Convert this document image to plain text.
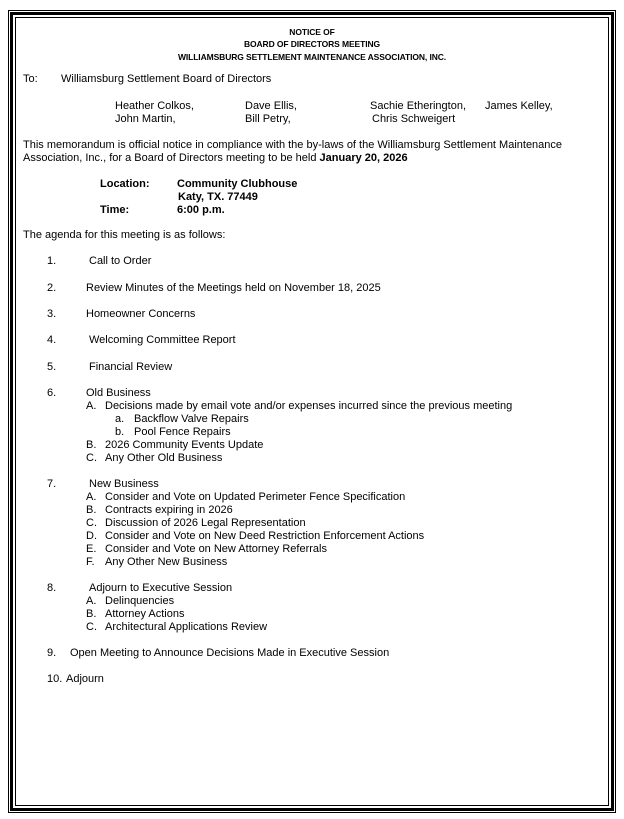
NOTICE OF
BOARD OF DIRECTORS MEETING
WILLIAMSBURG SETTLEMENT MAINTENANCE ASSOCIATION, INC.
To: Williamsburg Settlement Board of Directors
Heather Colkos,	Dave Ellis,	Sachie Etherington, James Kelley,
John Martin,	Bill Petry,	Chris Schweigert
This memorandum is official notice in compliance with the by-laws of the Williamsburg Settlement Maintenance
Association, Inc., for a Board of Directors meeting to be held January 20, 2026
Location:	Community Clubhouse
Katy, TX. 77449
Time:	6:00 p.m.
The agenda for this meeting is as follows:
1.	Call to Order
2.	Review Minutes of the Meetings held on November 18, 2025
3.	Homeowner Concerns
4.	Welcoming Committee Report
5.	Financial Review
6.	Old Business
A. Decisions made by email vote and/or expenses incurred since the previous meeting
a. Backflow Valve Repairs
b. Pool Fence Repairs
B. 2026 Community Events Update
C. Any Other Old Business
7.	New Business
A. Consider and Vote on Updated Perimeter Fence Specification
B. Contracts expiring in 2026
C. Discussion of 2026 Legal Representation
D. Consider and Vote on New Deed Restriction Enforcement Actions
E. Consider and Vote on New Attorney Referrals
F. Any Other New Business
8.	Adjourn to Executive Session
A. Delinquencies
B. Attorney Actions
C. Architectural Applications Review
9. Open Meeting to Announce Decisions Made in Executive Session
10. Adjourn
